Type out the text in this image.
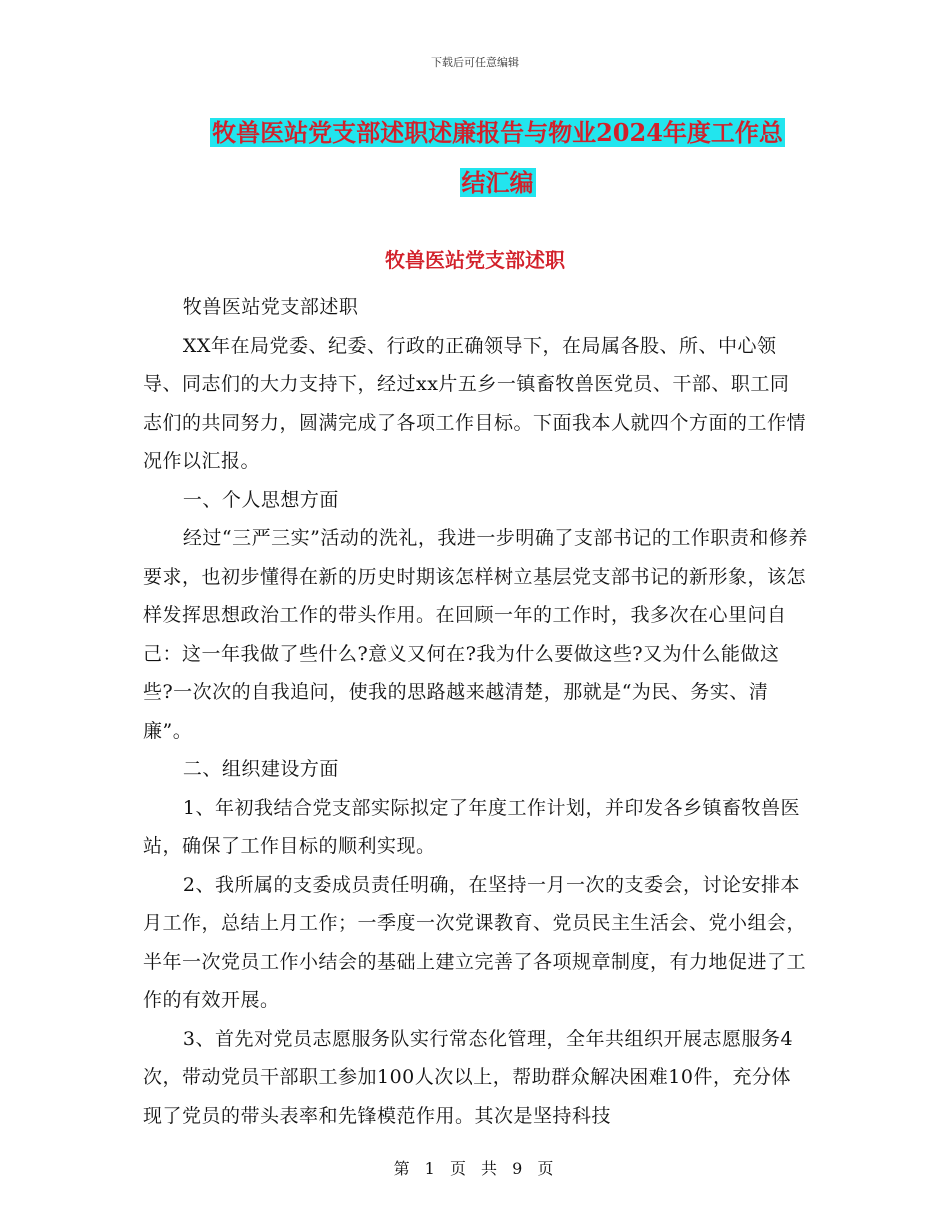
下载后可任意编辑
牧兽医站党支部述职述廉报告与物业2024年度工作总
结汇编
牧兽医站党支部述职

牧兽医站党支部述职

XX年在局党委、纪委、行政的正确领导下，在局属各股、所、中心领导、同志们的大力支持下，经过xx片五乡一镇畜牧兽医党员、干部、职工同志们的共同努力，圆满完成了各项工作目标。下面我本人就四个方面的工作情况作以汇报。

一、个人思想方面

经过“三严三实”活动的洗礼，我进一步明确了支部书记的工作职责和修养要求，也初步懂得在新的历史时期该怎样树立基层党支部书记的新形象，该怎样发挥思想政治工作的带头作用。在回顾一年的工作时，我多次在心里问自己：这一年我做了些什么?意义又何在?我为什么要做这些?又为什么能做这些?一次次的自我追问，使我的思路越来越清楚，那就是“为民、务实、清廉”。

二、组织建设方面

1、年初我结合党支部实际拟定了年度工作计划，并印发各乡镇畜牧兽医站，确保了工作目标的顺利实现。

2、我所属的支委成员责任明确，在坚持一月一次的支委会，讨论安排本月工作，总结上月工作；一季度一次党课教育、党员民主生活会、党小组会，半年一次党员工作小结会的基础上建立完善了各项规章制度，有力地促进了工作的有效开展。

3、首先对党员志愿服务队实行常态化管理，全年共组织开展志愿服务4次，带动党员干部职工参加100人次以上，帮助群众解决困难10件，充分体现了党员的带头表率和先锋模范作用。其次是坚持科技

第 1 页 共 9 页
